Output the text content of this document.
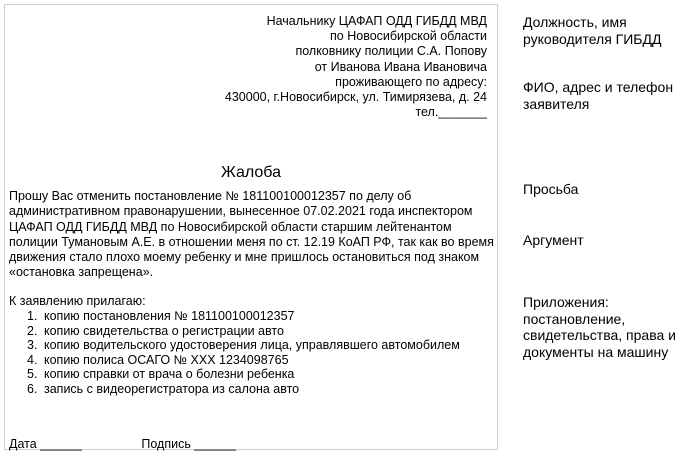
Начальнику ЦАФАП ОДД ГИБДД МВД
по Новосибирской области
полковнику полиции С.А. Попову
от Иванова Ивана Ивановича
проживающего по адресу:
430000, г.Новосибирск, ул. Тимирязева, д. 24
тел._______
Жалоба
Прошу Вас отменить постановление № 181100100012357 по делу об административном правонарушении, вынесенное 07.02.2021 года инспектором ЦАФАП ОДД ГИБДД МВД по Новосибирской области старшим лейтенантом полиции Тумановым А.Е. в отношении меня по ст. 12.19 КоАП РФ, так как во время движения стало плохо моему ребенку и мне пришлось остановиться под знаком «остановка запрещена».
К заявлению прилагаю:
1. копию постановления № 181100100012357
2. копию свидетельства о регистрации авто
3. копию водительского удостоверения лица, управлявшего автомобилем
4. копию полиса ОСАГО № ХХХ 1234098765
5. копию справки от врача о болезни ребенка
6. запись с видеорегистратора из салона авто
Дата ______	Подпись ______
Должность, имя руководителя ГИБДД
ФИО, адрес и телефон заявителя
Просьба
Аргумент
Приложения: постановление, свидетельства, права и документы на машину
